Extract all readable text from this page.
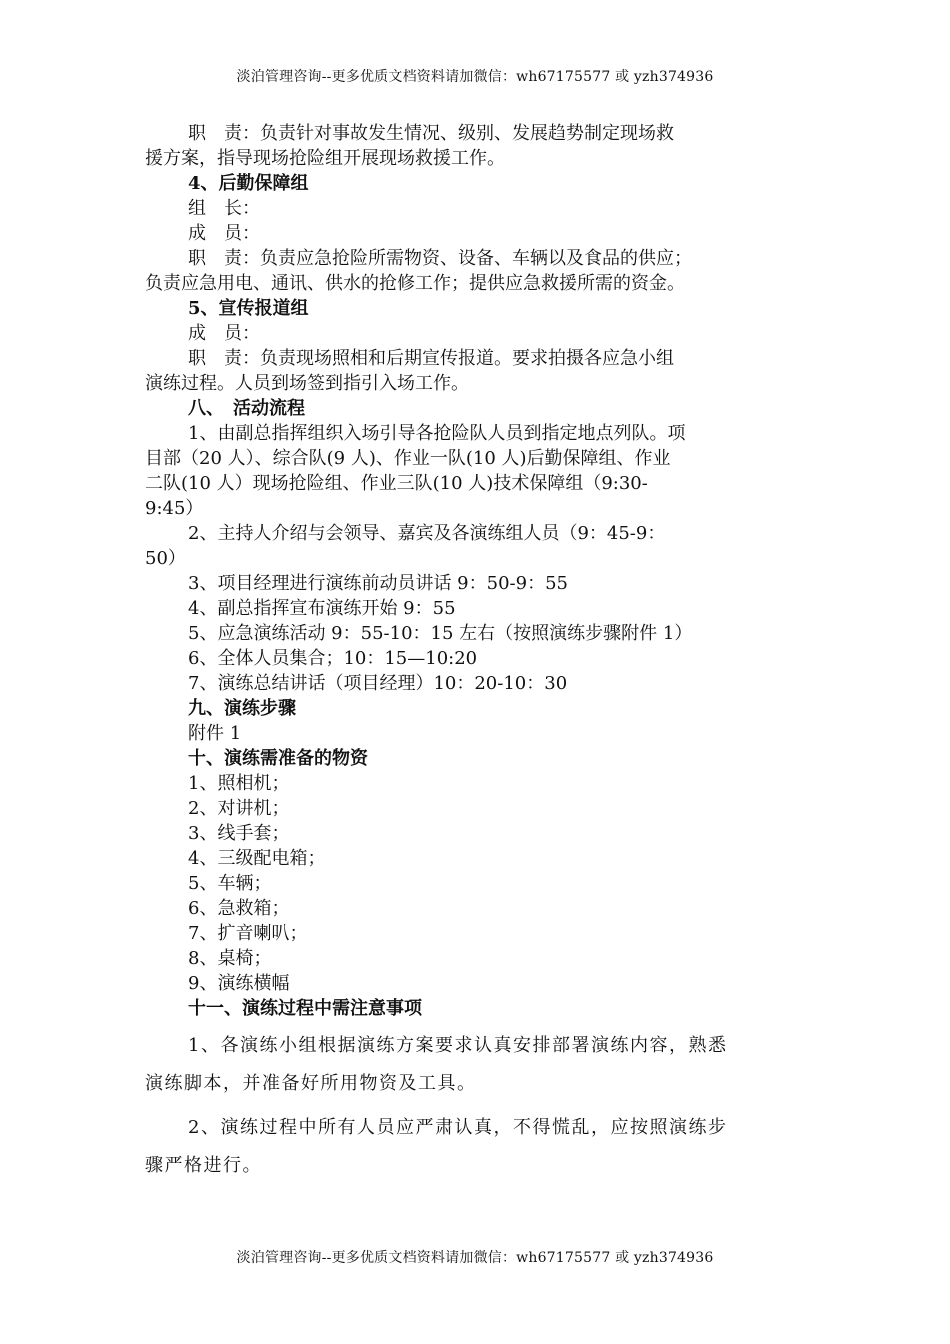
淡泊管理咨询--更多优质文档资料请加微信：wh67175577 或 yzh374936
职　责：负责针对事故发生情况、级别、发展趋势制定现场救
援方案，指导现场抢险组开展现场救援工作。
4、后勤保障组
组　长：
成　员：
职　责：负责应急抢险所需物资、设备、车辆以及食品的供应；
负责应急用电、通讯、供水的抢修工作；提供应急救援所需的资金。
5、宣传报道组
成　员：
职　责：负责现场照相和后期宣传报道。要求拍摄各应急小组
演练过程。人员到场签到指引入场工作。
八、　活动流程
1、由副总指挥组织入场引导各抢险队人员到指定地点列队。项
目部（20 人）、综合队(9 人)、作业一队(10 人)后勤保障组、作业
二队(10 人）现场抢险组、作业三队(10 人)技术保障组（9:30-
9:45）
2、主持人介绍与会领导、嘉宾及各演练组人员（9：45-9：
50）
3、项目经理进行演练前动员讲话 9：50-9：55
4、副总指挥宣布演练开始 9：55
5、应急演练活动 9：55-10：15 左右（按照演练步骤附件 1）
6、全体人员集合；10：15—10:20
7、演练总结讲话（项目经理）10：20-10：30
九、演练步骤
附件 1
十、演练需准备的物资
1、照相机；
2、对讲机；
3、线手套；
4、三级配电箱；
5、车辆；
6、急救箱；
7、扩音喇叭；
8、桌椅；
9、演练横幅
十一、演练过程中需注意事项
1、各演练小组根据演练方案要求认真安排部署演练内容，熟悉
演练脚本，并准备好所用物资及工具。
2、演练过程中所有人员应严肃认真，不得慌乱，应按照演练步
骤严格进行。
淡泊管理咨询--更多优质文档资料请加微信：wh67175577 或 yzh374936
